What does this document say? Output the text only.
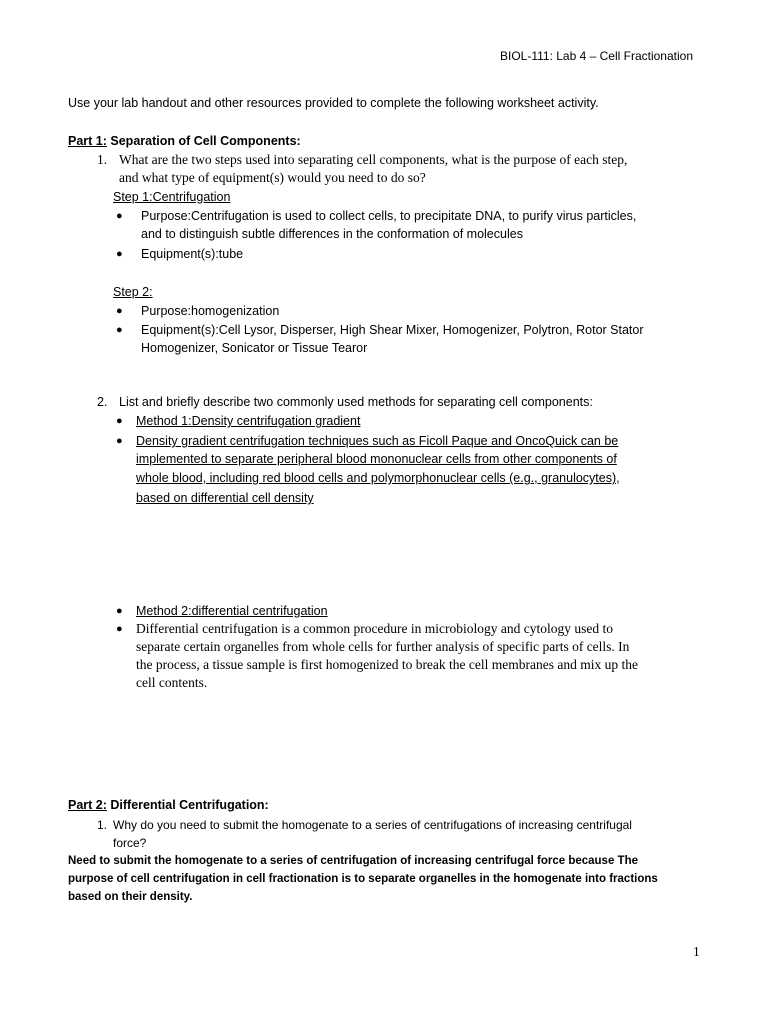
BIOL-111: Lab 4 – Cell Fractionation
Use your lab handout and other resources provided to complete the following worksheet activity.
Part 1: Separation of Cell Components:
1. What are the two steps used into separating cell components, what is the purpose of each step,
and what type of equipment(s) would you need to do so?
Step 1:Centrifugation
● Purpose:Centrifugation is used to collect cells, to precipitate DNA, to purify virus particles,
and to distinguish subtle differences in the conformation of molecules
● Equipment(s):tube
Step 2:
● Purpose:homogenization
● Equipment(s):Cell Lysor, Disperser, High Shear Mixer, Homogenizer, Polytron, Rotor Stator
Homogenizer, Sonicator or Tissue Tearor
2. List and briefly describe two commonly used methods for separating cell components:
● Method 1:Density centrifugation gradient
● Density gradient centrifugation techniques such as Ficoll Paque and OncoQuick can be
implemented to separate peripheral blood mononuclear cells from other components of
whole blood, including red blood cells and polymorphonuclear cells (e.g., granulocytes),
based on differential cell density
● Method 2:differential centrifugation
● Differential centrifugation is a common procedure in microbiology and cytology used to
separate certain organelles from whole cells for further analysis of specific parts of cells. In
the process, a tissue sample is first homogenized to break the cell membranes and mix up the
cell contents.
Part 2: Differential Centrifugation:
1. Why do you need to submit the homogenate to a series of centrifugations of increasing centrifugal
force?
Need to submit the homogenate to a series of centrifugation of increasing centrifugal force because The
purpose of cell centrifugation in cell fractionation is to separate organelles in the homogenate into fractions
based on their density.
1
